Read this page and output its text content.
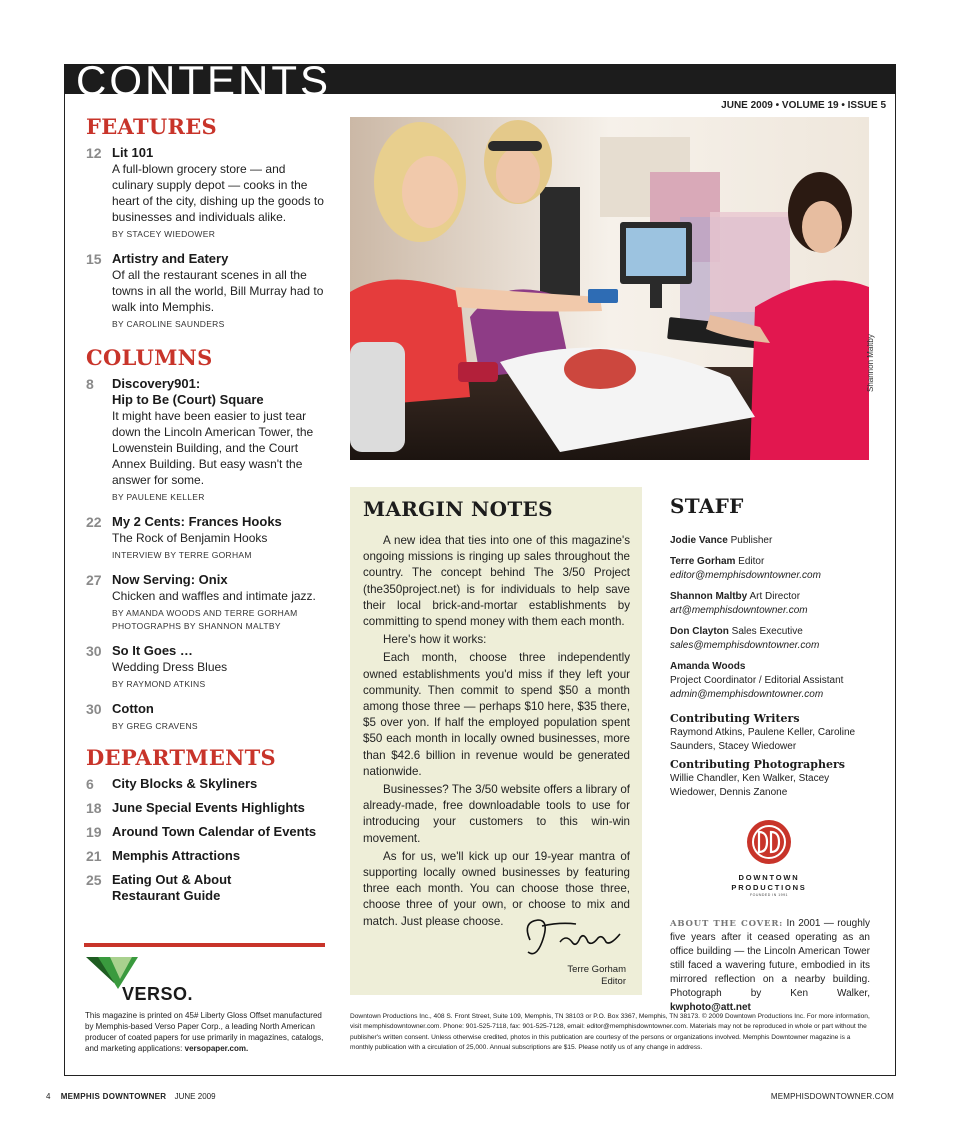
CONTENTS
JUNE 2009 • VOLUME 19 • ISSUE 5
FEATURES
12 Lit 101
A full-blown grocery store — and culinary supply depot — cooks in the heart of the city, dishing up the goods to businesses and individuals alike.
BY STACEY WIEDOWER
15 Artistry and Eatery
Of all the restaurant scenes in all the towns in all the world, Bill Murray had to walk into Memphis.
BY CAROLINE SAUNDERS
COLUMNS
8 Discovery901:
Hip to Be (Court) Square
It might have been easier to just tear down the Lincoln American Tower, the Lowenstein Building, and the Court Annex Building. But easy wasn't the answer for some.
BY PAULENE KELLER
22 My 2 Cents: Frances Hooks
The Rock of Benjamin Hooks
INTERVIEW BY TERRE GORHAM
27 Now Serving: Onix
Chicken and waffles and intimate jazz.
BY AMANDA WOODS AND TERRE GORHAM
PHOTOGRAPHS BY SHANNON MALTBY
30 So It Goes …
Wedding Dress Blues
BY RAYMOND ATKINS
30 Cotton
BY GREG CRAVENS
DEPARTMENTS
6 City Blocks & Skyliners
18 June Special Events Highlights
19 Around Town Calendar of Events
21 Memphis Attractions
25 Eating Out & About
Restaurant Guide
VERSO.
This magazine is printed on 45# Liberty Gloss Offset manufactured by Memphis-based Verso Paper Corp., a leading North American producer of coated papers for use primarily in magazines, catalogs, and marketing applications: versopaper.com.
Shannon Maltby
MARGIN NOTES

A new idea that ties into one of this magazine's ongoing missions is ringing up sales throughout the country. The concept behind The 3/50 Project (the350project.net) is for individuals to help save their local brick-and-mortar establishments by committing to spend money with them each month.

Here's how it works:

Each month, choose three independently owned establishments you'd miss if they left your community. Then commit to spend $50 a month among those three — perhaps $10 here, $35 there, $5 over yon. If half the employed population spent $50 each month in locally owned businesses, more than $42.6 billion in revenue would be generated nationwide.

Businesses? The 3/50 website offers a library of already-made, free downloadable tools to use for introducing your customers to this win-win movement.

As for us, we'll kick up our 19-year mantra of supporting locally owned businesses by featuring three each month. You can choose those three, choose three of your own, or choose to mix and match. Just please choose.

Terre Gorham
Editor
STAFF
Jodie Vance Publisher
Terre Gorham Editor
editor@memphisdowntowner.com
Shannon Maltby Art Director
art@memphisdowntowner.com
Don Clayton Sales Executive
sales@memphisdowntowner.com
Amanda Woods
Project Coordinator / Editorial Assistant
admin@memphisdowntowner.com
Contributing Writers
Raymond Atkins, Paulene Keller, Caroline Saunders, Stacey Wiedower
Contributing Photographers
Willie Chandler, Ken Walker, Stacey Wiedower, Dennis Zanone
DOWNTOWN
PRODUCTIONS
FOUNDED IN 1991
ABOUT THE COVER: In 2001 — roughly five years after it ceased operating as an office building — the Lincoln American Tower still faced a wavering future, embodied in its mirrored reflection on a nearby building. Photograph by Ken Walker, kwphoto@att.net
Downtown Productions Inc., 408 S. Front Street, Suite 109, Memphis, TN 38103 or P.O. Box 3367, Memphis, TN 38173. © 2009 Downtown Productions Inc. For more information, visit memphisdowntowner.com. Phone: 901-525-7118, fax: 901-525-7128, email: editor@memphisdowntowner.com. Materials may not be reproduced in whole or part without the publisher's written consent. Unless otherwise credited, photos in this publication are courtesy of the persons or organizations involved. Memphis Downtowner magazine is a monthly publication with a circulation of 25,000. Annual subscriptions are $15. Please notify us of any change in address.
4 MEMPHIS DOWNTOWNER JUNE 2009	MEMPHISDOWNTOWNER.COM
